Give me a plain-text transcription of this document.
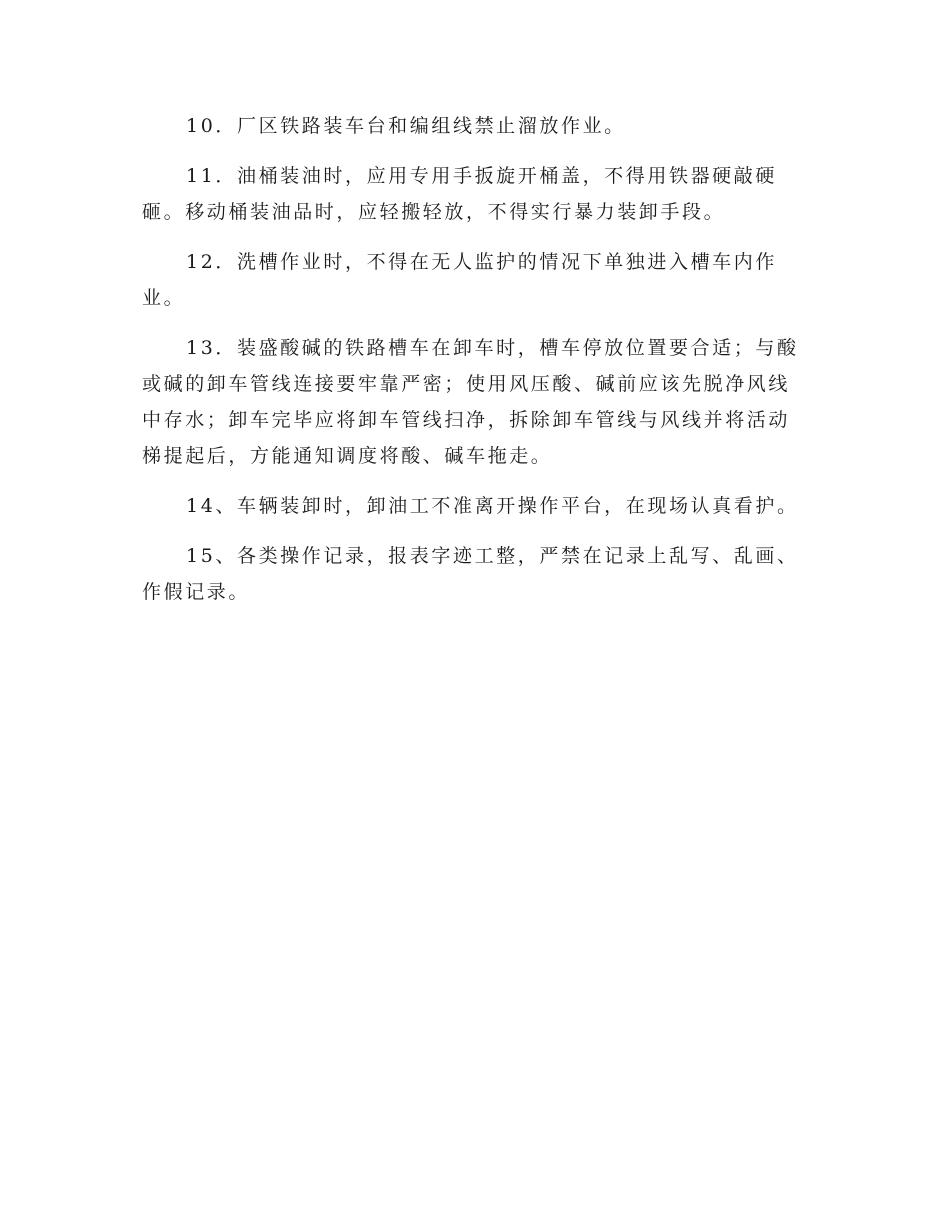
10．厂区铁路装车台和编组线禁止溜放作业。

11．油桶装油时，应用专用手扳旋开桶盖，不得用铁器硬敲硬
砸。移动桶装油品时，应轻搬轻放，不得实行暴力装卸手段。

12．洗槽作业时，不得在无人监护的情况下单独进入槽车内作
业。

13．装盛酸碱的铁路槽车在卸车时，槽车停放位置要合适；与酸
或碱的卸车管线连接要牢靠严密；使用风压酸、碱前应该先脱净风线
中存水；卸车完毕应将卸车管线扫净，拆除卸车管线与风线并将活动
梯提起后，方能通知调度将酸、碱车拖走。

14、车辆装卸时，卸油工不准离开操作平台，在现场认真看护。

15、各类操作记录，报表字迹工整，严禁在记录上乱写、乱画、
作假记录。
